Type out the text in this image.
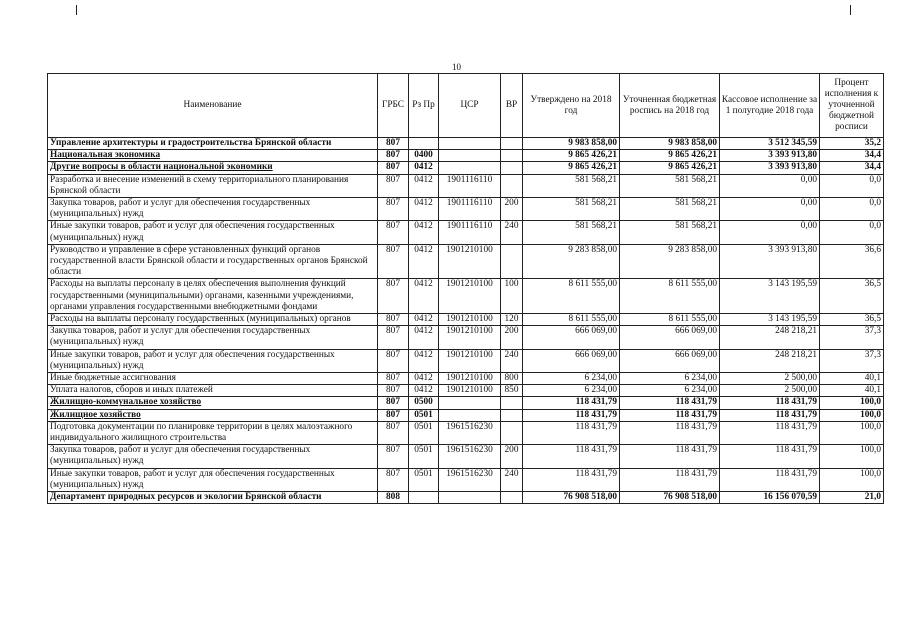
10
Наименование	ГРБС	Рз Пр	ЦСР	ВР	Утверждено на 2018 год	Уточненная бюджетная роспись на 2018 год	Кассовое исполнение за 1 полугодие 2018 года	Процент исполнения к уточненной бюджетной росписи
Управление архитектуры и градостроительства Брянской области	807				9 983 858,00	9 983 858,00	3 512 345,59	35,2
Национальная экономика	807	0400			9 865 426,21	9 865 426,21	3 393 913,80	34,4
Другие вопросы в области национальной экономики	807	0412			9 865 426,21	9 865 426,21	3 393 913,80	34,4
Разработка и внесение изменений в схему территориального планирования Брянской области	807	0412	1901116110		581 568,21	581 568,21	0,00	0,0
Закупка товаров, работ и услуг для обеспечения государственных (муниципальных) нужд	807	0412	1901116110	200	581 568,21	581 568,21	0,00	0,0
Иные закупки товаров, работ и услуг для обеспечения государственных (муниципальных) нужд	807	0412	1901116110	240	581 568,21	581 568,21	0,00	0,0
Руководство и управление в сфере установленных функций органов государственной власти Брянской области и государственных органов Брянской области	807	0412	1901210100		9 283 858,00	9 283 858,00	3 393 913,80	36,6
Расходы на выплаты персоналу в целях обеспечения выполнения функций государственными (муниципальными) органами, казенными учреждениями, органами управления государственными внебюджетными фондами	807	0412	1901210100	100	8 611 555,00	8 611 555,00	3 143 195,59	36,5
Расходы на выплаты персоналу государственных (муниципальных) органов	807	0412	1901210100	120	8 611 555,00	8 611 555,00	3 143 195,59	36,5
Закупка товаров, работ и услуг для обеспечения государственных (муниципальных) нужд	807	0412	1901210100	200	666 069,00	666 069,00	248 218,21	37,3
Иные закупки товаров, работ и услуг для обеспечения государственных (муниципальных) нужд	807	0412	1901210100	240	666 069,00	666 069,00	248 218,21	37,3
Иные бюджетные ассигнования	807	0412	1901210100	800	6 234,00	6 234,00	2 500,00	40,1
Уплата налогов, сборов и иных платежей	807	0412	1901210100	850	6 234,00	6 234,00	2 500,00	40,1
Жилищно-коммунальное хозяйство	807	0500			118 431,79	118 431,79	118 431,79	100,0
Жилищное хозяйство	807	0501			118 431,79	118 431,79	118 431,79	100,0
Подготовка документации по планировке территории в целях малоэтажного индивидуального жилищного строительства	807	0501	1961516230		118 431,79	118 431,79	118 431,79	100,0
Закупка товаров, работ и услуг для обеспечения государственных (муниципальных) нужд	807	0501	1961516230	200	118 431,79	118 431,79	118 431,79	100,0
Иные закупки товаров, работ и услуг для обеспечения государственных (муниципальных) нужд	807	0501	1961516230	240	118 431,79	118 431,79	118 431,79	100,0
Департамент природных ресурсов и экологии Брянской области	808				76 908 518,00	76 908 518,00	16 156 070,59	21,0
